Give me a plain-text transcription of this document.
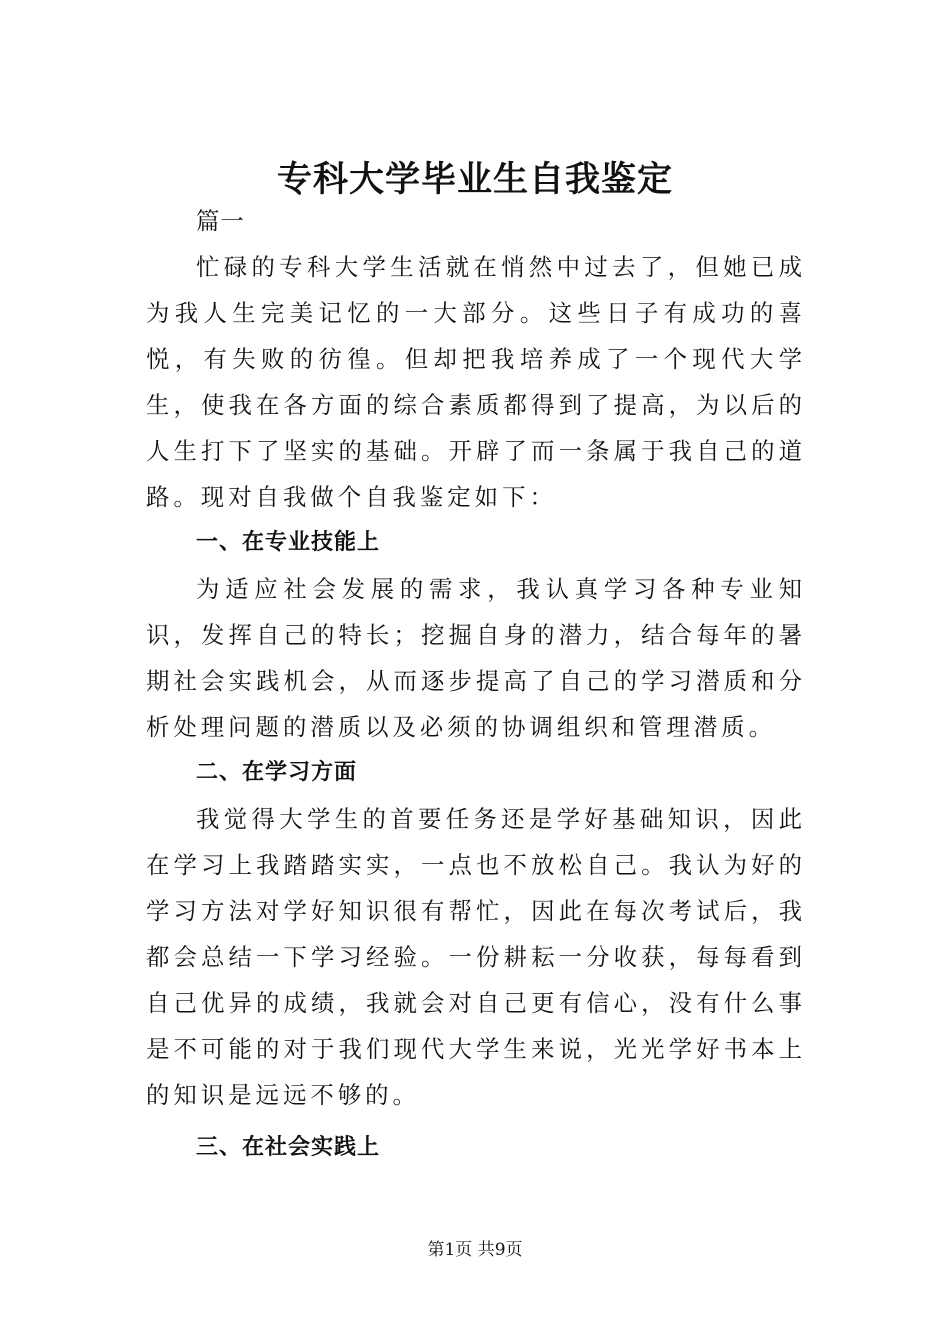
专科大学毕业生自我鉴定

篇一

忙碌的专科大学生活就在悄然中过去了，但她已成为我人生完美记忆的一大部分。这些日子有成功的喜悦，有失败的彷徨。但却把我培养成了一个现代大学生，使我在各方面的综合素质都得到了提高，为以后的人生打下了坚实的基础。开辟了而一条属于我自己的道路。现对自我做个自我鉴定如下：

一、在专业技能上

为适应社会发展的需求，我认真学习各种专业知识，发挥自己的特长；挖掘自身的潜力，结合每年的暑期社会实践机会，从而逐步提高了自己的学习潜质和分析处理问题的潜质以及必须的协调组织和管理潜质。

二、在学习方面

我觉得大学生的首要任务还是学好基础知识，因此在学习上我踏踏实实，一点也不放松自己。我认为好的学习方法对学好知识很有帮忙，因此在每次考试后，我都会总结一下学习经验。一份耕耘一分收获，每每看到自己优异的成绩，我就会对自己更有信心，没有什么事是不可能的对于我们现代大学生来说，光光学好书本上的知识是远远不够的。

三、在社会实践上
第1页 共9页
